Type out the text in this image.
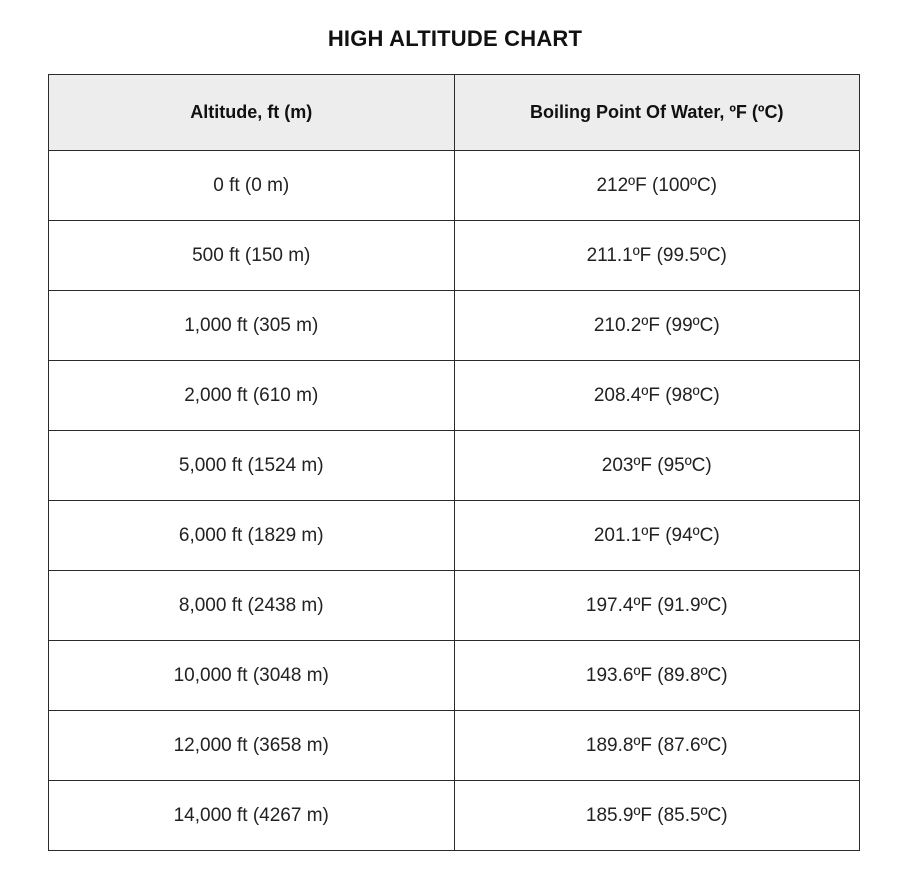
HIGH ALTITUDE CHART
Altitude, ft (m)	Boiling Point Of Water, ºF (ºC)
0 ft (0 m)	212ºF (100ºC)
500 ft (150 m)	211.1ºF (99.5ºC)
1,000 ft (305 m)	210.2ºF (99ºC)
2,000 ft (610 m)	208.4ºF (98ºC)
5,000 ft (1524 m)	203ºF (95ºC)
6,000 ft (1829 m)	201.1ºF (94ºC)
8,000 ft (2438 m)	197.4ºF (91.9ºC)
10,000 ft (3048 m)	193.6ºF (89.8ºC)
12,000 ft (3658 m)	189.8ºF (87.6ºC)
14,000 ft (4267 m)	185.9ºF (85.5ºC)
